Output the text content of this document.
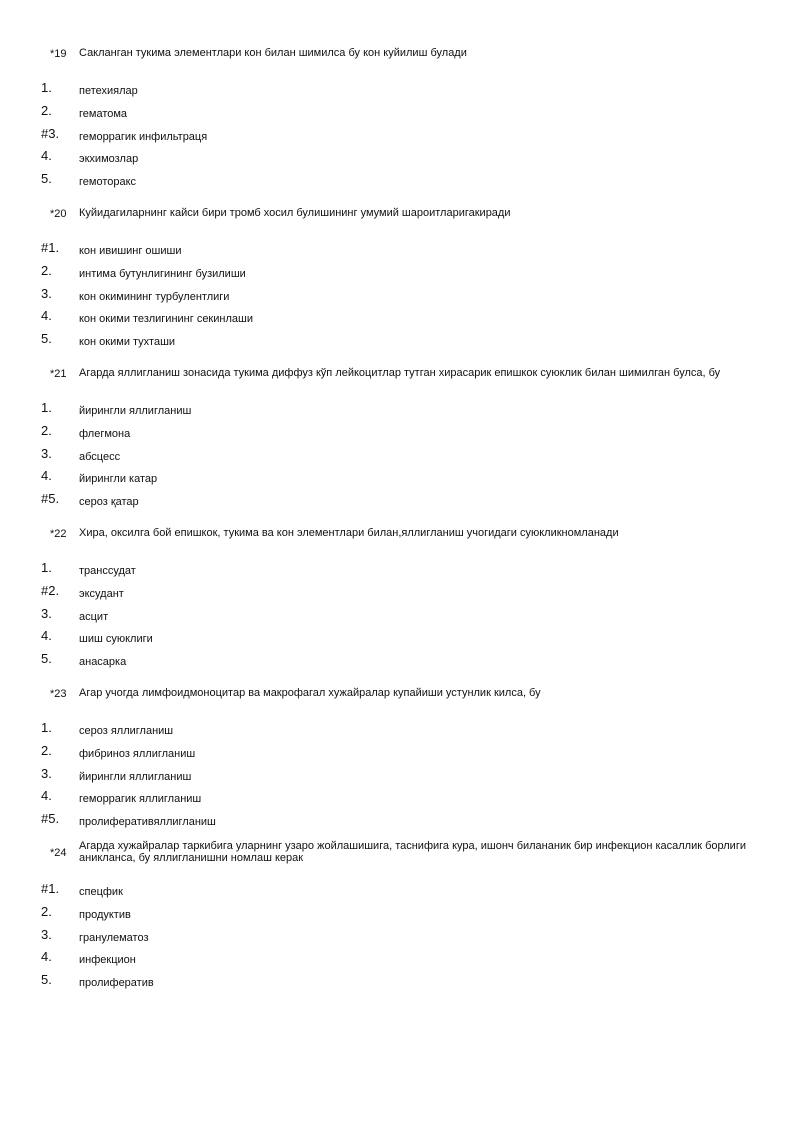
*19 Сакланган тукима элементлари кон билан шимилса бу кон куйилиш булади
1. петехиялар
2. гематома
#3. геморрагик инфильтраця
4. экхимозлар
5. гемоторакс
*20 Куйидагиларнинг кайси бири тромб хосил булишининг умумий шароитларигакиради
#1. кон ивишинг ошиши
2. интима бутунлигининг бузилиши
3. кон окимининг турбулентлиги
4. кон окими тезлигининг секинлаши
5. кон окими тухташи
*21 Агарда яллигланиш зонасида тукима диффуз кўп лейкоцитлар тутган хирасарик епишкок суюклик билан шимилган булса, бу
1. йирингли яллигланиш
2. флегмона
3. абсцесс
4. йирингли катар
#5. сероз қатар
*22 Хира, оксилга бой епишкок, тукима ва кон элементлари билан,яллигланиш учогидаги суюкликномланади
1. транссудат
#2. эксудант
3. асцит
4. шиш суюклиги
5. анасарка
*23 Агар учогда лимфоидмоноцитар ва макрофагал хужайралар купайиши устунлик килса, бу
1. сероз яллигланиш
2. фибриноз яллигланиш
3. йирингли яллигланиш
4. геморрагик яллигланиш
#5. пролиферативяллигланиш
*24
Агарда хужайралар таркибига уларнинг узаро жойлашишига, таснифига кура, ишонч билананик бир инфекцион касаллик борлиги аникланса, бу яллигланишни номлаш керак
#1. спецфик
2. продуктив
3. гранулематоз
4. инфекцион
5. пролифератив
